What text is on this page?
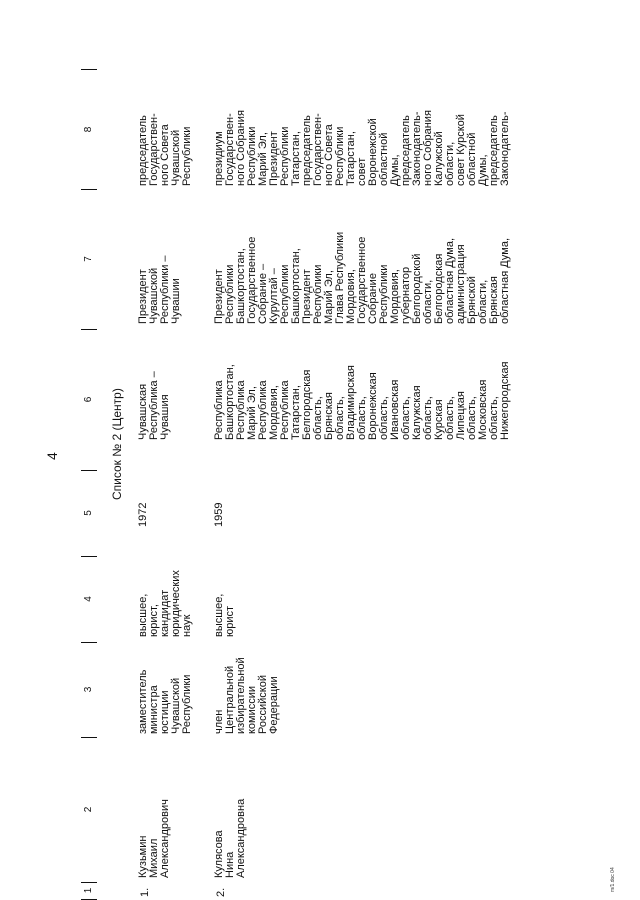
4
1
2
3
4
5
6
7
8
Список № 2 (Центр)
1.
Кузьмин Михаил Александрович
заместитель министра юстиции Чувашской Республики
высшее, юрист, кандидат юридических наук
1972
Чувашская Республика – Чувашия
Президент Чувашской Республики – Чувашии
председатель Государствен- ного Совета Чувашской Республики
2.
Кулясова Нина Александровна
член Центральной избирательной комиссии Российской Федерации
высшее, юрист
1959
Республика Башкортостан, Республика Марий Эл, Республика Мордовия, Республика Татарстан, Белгородская область, Брянская область, Владимирская область, Воронежская область, Ивановская область, Калужская область, Курская область, Липецкая область, Московская область, Нижегородская
Президент Республики Башкортостан, Государственное Собрание – Курултай – Республики Башкортостан, Президент Республики Марий Эл, Глава Республики Мордовия, Государственное Собрание Республики Мордовия, губернатор Белгородской области, Белгородская областная Дума, администрация Брянской области, Брянская областная Дума,
президиум Государствен- ного Собрания Республики Марий Эл, Президент Республики Татарстан, председатель Государствен- ного Совета Республики Татарстан, совет Воронежской областной Думы, председатель Законодатель- ного Собрания Калужской области, совет Курской областной Думы, председатель Законодатель-
m/1.doc 04
